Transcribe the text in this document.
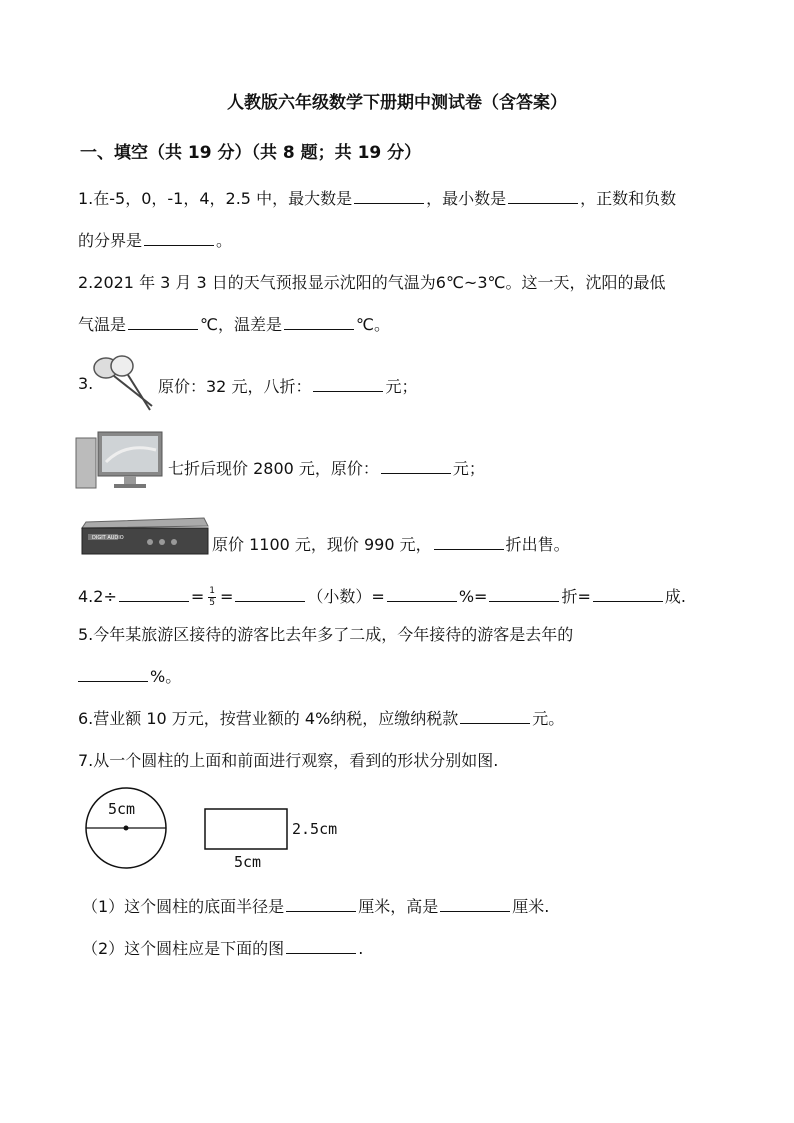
人教版六年级数学下册期中测试卷（含答案）
一、填空（共 19 分）（共 8 题；共 19 分）
1.在-5，0，-1，4，2.5 中，最大数是	，最小数是	，正数和负数
的分界是	。
2.2021 年 3 月 3 日的天气预报显示沈阳的气温为6℃~3℃。这一天，沈阳的最低
气温是	℃，温差是	℃。
3.	原价：32 元，八折：	元；
七折后现价 2800 元，原价：	元；
DIGIT AUDIO	原价 1100 元，现价 990 元，	折出售。
4.2÷	= $\frac{1}{5}$ =	（小数）=	%=	折=	成.
5.今年某旅游区接待的游客比去年多了二成，今年接待的游客是去年的
%。
6.营业额 10 万元，按营业额的 4%纳税，应缴纳税款	元。
7.从一个圆柱的上面和前面进行观察，看到的形状分别如图.
5cm
2.5cm
5cm
（1）这个圆柱的底面半径是	厘米，高是	厘米.
（2）这个圆柱应是下面的图	.
